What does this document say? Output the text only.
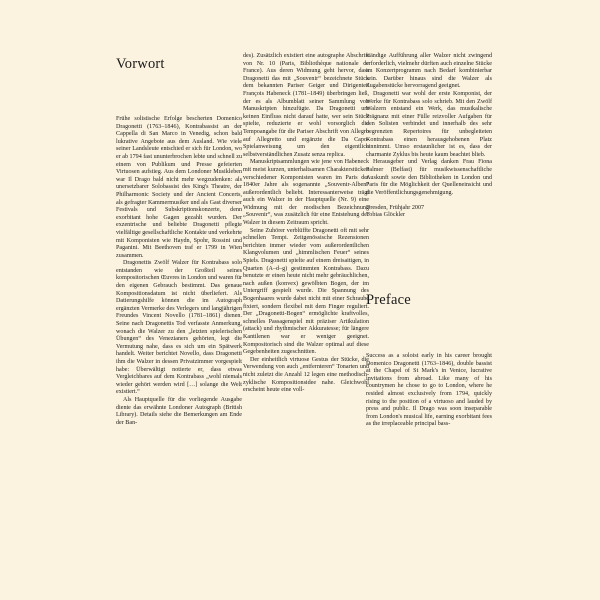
Vorwort

Frühe solistische Erfolge bescherten Domenico Dragonetti (1763–1846), Kontrabassist an der Cappella di San Marco in Venedig, schon bald lukrative Angebote aus dem Ausland. Wie viele seiner Landsleute entschied er sich für London, wo er ab 1794 fast ununterbrochen lebte und schnell zu einem von Publikum und Presse gefeierten Virtuosen aufstieg. Aus dem Londoner Musikleben war Il Drago bald nicht mehr wegzudenken: als unersetzbarer Solobassist des King's Theatre, der Philharmonic Society und der Ancient Concerts, als gefragter Kammermusiker und als Gast diverser Festivals und Subskriptionskonzerte, denn exorbitant hohe Gagen gezahlt wurden. Der exzentrische und beliebte Dragonetti pflegte vielfältige gesellschaftliche Kontakte und verkehrte mit Komponisten wie Haydn, Spohr, Rossini und Paganini. Mit Beethoven traf er 1799 in Wien zusammen.

Dragonettis Zwölf Walzer für Kontrabass solo entstanden wie der Großteil seines kompositorischen Œuvres in London und waren für den eigenen Gebrauch bestimmt. Das genaue Kompositionsdatum ist nicht überliefert. Als Datierungshilfe können die im Autograph ergänzten Vermerke des Verlegers und langjährigen Freundes Vincent Novello (1781–1861) dienen. Seine nach Dragonettis Tod verfasste Anmerkung, wonach die Walzer zu den „letzten spielerischen Übungen“ des Venezianers gehörten, legt die Vermutung nahe, dass es sich um ein Spätwerk handelt. Weiter berichtet Novello, dass Dragonetti ihm die Walzer in dessen Privatzimmer vorgespielt habe: Überwältigt notierte er, dass etwas Vergleichbares auf dem Kontrabass „wohl niemals wieder gehört werden wird […] solange die Welt existiert.“

Als Hauptquelle für die vorliegende Ausgabe diente das erwähnte Londoner Autograph (British Library). Details siehe die Bemerkungen am Ende der Ban-

des). Zusätzlich existiert eine autographe Abschrift von Nr. 10 (Paris, Bibliothèque nationale de France). Aus deren Widmung geht hervor, dass Dragonetti das mit „Souvenir“ bezeichnete Stück dem bekannten Pariser Geiger und Dirigenten François Habeneck (1781–1849) überbringen ließ, der es als Albumblatt seiner Sammlung von Manuskripten hinzufügte. Da Dragonetti um keinen Einfluss nicht darauf hatte, wer sein Stück spielte, reduzierte er wohl vorsorglich die Tempoangabe für die Pariser Abschrift von Allegro auf Allegretto und ergänzte die Da Capo-Spielanweisung um den eigentlich selbstverständlichen Zusatz senza replica.

Manuskriptsammlungen wie jene von Habeneck mit meist kurzen, unterhaltsamen Charakterstücken verschiedener Komponisten waren im Paris der 1840er Jahre als sogenannte „Souvenir-Alben“ außerordentlich beliebt. Interessanterweise trägt auch ein Walzer in der Hauptquelle (Nr. 9) eine Widmung mit der modischen Bezeichnung „Souvenir“, was zusätzlich für eine Entstehung der Walzer in diesem Zeitraum spricht.

Seine Zuhörer verblüffte Dragonetti oft mit sehr schnellen Tempi. Zeitgenössische Rezensionen berichten immer wieder vom außerordentlichen Klangvolumen und „himmlischen Feuer“ seines Spiels. Dragonetti spielte auf einem dreisaitigen, in Quarten (A–d–g) gestimmten Kontrabass. Dazu benutzte er einen heute nicht mehr gebräuchlichen, nach außen (konvex) gewölbten Bogen, der im Untergriff gespielt wurde. Die Spannung des Bogenhaares wurde dabei nicht mit einer Schraube fixiert, sondern flexibel mit dem Finger reguliert. Der „Dragonetti-Bogen“ ermöglichte kraftvolles, schnelles Passagenspiel mit präziser Artikulation (attack) und rhythmischer Akkuratesse; für längere Kantilenen war er weniger geeignet. Kompositorisch sind die Walzer optimal auf diese Gegebenheiten zugeschnitten.

Der einheitlich virtuose Gestus der Stücke, die Verwendung von auch „entfernteren“ Tonarten und nicht zuletzt die Anzahl 12 legen eine methodisch-zyklische Kompositionsidee nahe. Gleichwohl erscheint heute eine voll-

ständige Aufführung aller Walzer nicht zwingend erforderlich, vielmehr dürften auch einzelne Stücke im Konzertprogramm nach Bedarf kombinierbar sein. Darüber hinaus sind die Walzer als Zugabenstücke hervorragend geeignet.

Dragonetti war wohl der erste Komponist, der Werke für Kontrabass solo schrieb. Mit den Zwölf Walzern entstand ein Werk, das musikalische Prägnanz mit einer Fülle reizvoller Aufgaben für den Solisten verbindet und innerhalb des sehr begrenzten Repertoires für unbegleiteten Kontrabass einen herausgehobenen Platz einnimmt. Umso erstaunlicher ist es, dass der charmante Zyklus bis heute kaum beachtet blieb.

Herausgeber und Verlag danken Frau Fiona Palmer (Belfast) für musikwissenschaftliche Auskunft sowie den Bibliotheken in London und Paris für die Möglichkeit der Quelleneinsicht und die Veröffentlichungsgenehmigung.

Dresden, Frühjahr 2007

Tobias Glöckler

Preface

Success as a soloist early in his career brought Domenico Dragonetti (1763–1846), double bassist at the Chapel of St Mark's in Venice, lucrative invitations from abroad. Like many of his countrymen he chose to go to London, where he resided almost exclusively from 1794, quickly rising to the position of a virtuoso and lauded by press and public. Il Drago was soon inseparable from London's musical life, earning exorbitant fees as the irreplaceable principal bass-
